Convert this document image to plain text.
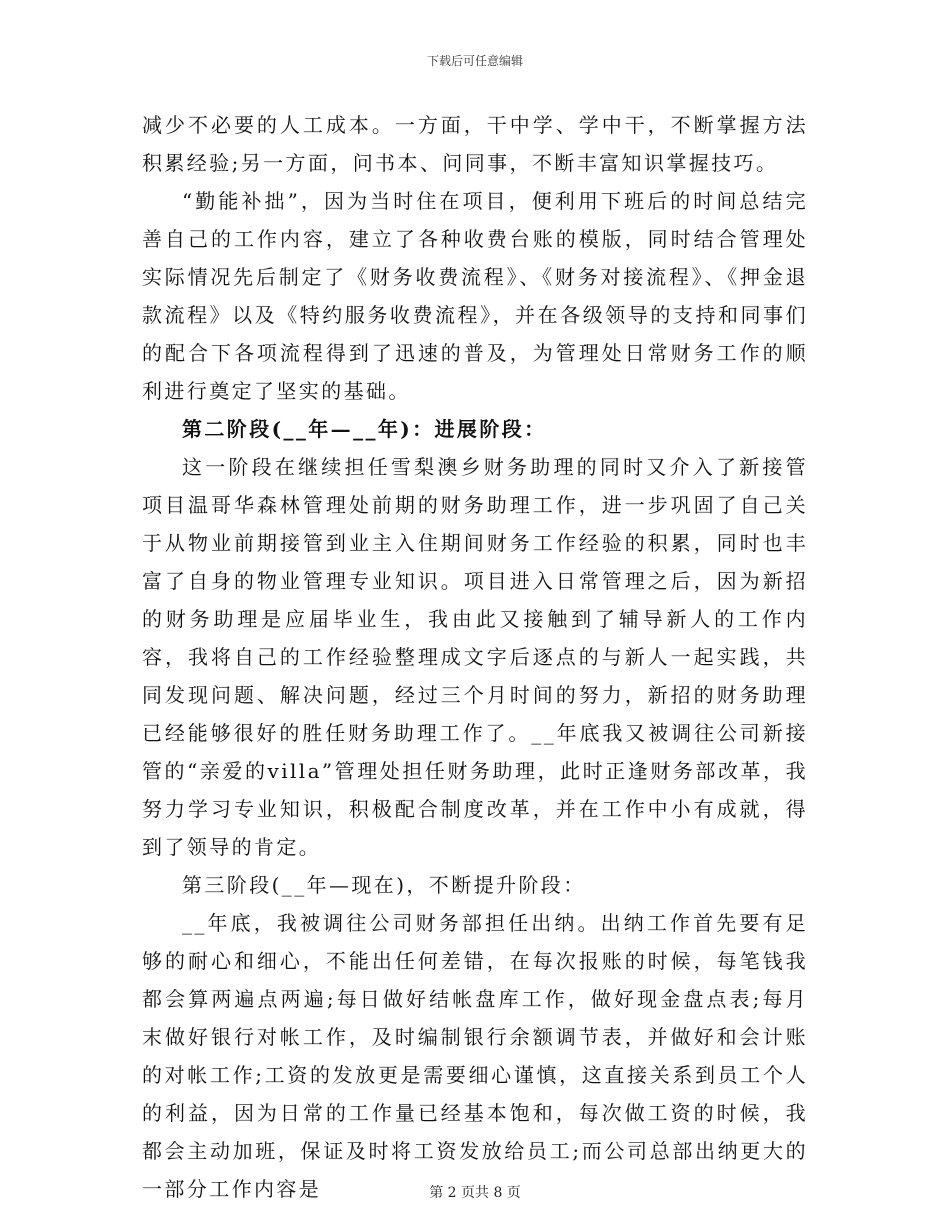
下载后可任意编辑

减少不必要的人工成本。一方面，干中学、学中干，不断掌握方法积累经验;另一方面，问书本、问同事，不断丰富知识掌握技巧。

“勤能补拙”，因为当时住在项目，便利用下班后的时间总结完善自己的工作内容，建立了各种收费台账的模版，同时结合管理处实际情况先后制定了《财务收费流程》、《财务对接流程》、《押金退款流程》以及《特约服务收费流程》，并在各级领导的支持和同事们的配合下各项流程得到了迅速的普及，为管理处日常财务工作的顺利进行奠定了坚实的基础。

第二阶段(__年—__年)：进展阶段：

这一阶段在继续担任雪梨澳乡财务助理的同时又介入了新接管项目温哥华森林管理处前期的财务助理工作，进一步巩固了自己关于从物业前期接管到业主入住期间财务工作经验的积累，同时也丰富了自身的物业管理专业知识。项目进入日常管理之后，因为新招的财务助理是应届毕业生，我由此又接触到了辅导新人的工作内容，我将自己的工作经验整理成文字后逐点的与新人一起实践，共同发现问题、解决问题，经过三个月时间的努力，新招的财务助理已经能够很好的胜任财务助理工作了。__年底我又被调往公司新接管的“亲爱的villa”管理处担任财务助理，此时正逢财务部改革，我努力学习专业知识，积极配合制度改革，并在工作中小有成就，得到了领导的肯定。

第三阶段(__年—现在)，不断提升阶段：

__年底，我被调往公司财务部担任出纳。出纳工作首先要有足够的耐心和细心，不能出任何差错，在每次报账的时候，每笔钱我都会算两遍点两遍;每日做好结帐盘库工作，做好现金盘点表;每月末做好银行对帐工作，及时编制银行余额调节表，并做好和会计账的对帐工作;工资的发放更是需要细心谨慎，这直接关系到员工个人的利益，因为日常的工作量已经基本饱和，每次做工资的时候，我都会主动加班，保证及时将工资发放给员工;而公司总部出纳更大的一部分工作内容是	第 2 页共 8 页
